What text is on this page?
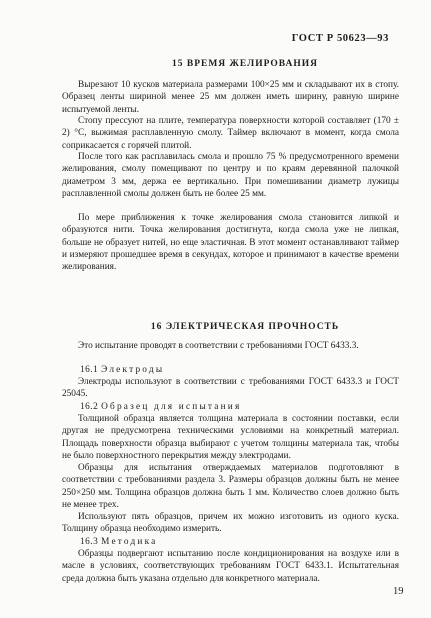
ГОСТ Р 50623—93
15 ВРЕМЯ ЖЕЛИРОВАНИЯ

Вырезают 10 кусков материала размерами 100×25 мм и складывают их в стопу. Образец ленты шириной менее 25 мм должен иметь ширину, равную ширине испытуемой ленты.

Стопу прессуют на плите, температура поверхности которой составляет (170 ± 2) °С, выжимая расплавленную смолу. Таймер включают в момент, когда смола соприкасается с горячей плитой.

После того как расплавилась смола и прошло 75 % предусмотренного времени желирования, смолу помещивают по центру и по краям деревянной палочкой диаметром 3 мм, держа ее вертикально. При помешивании диаметр лужицы расплавленной смолы должен быть не более 25 мм.

По мере приближения к точке желирования смола становится липкой и образуются нити. Точка желирования достигнута, когда смола уже не липкая, больше не образует нитей, но еще эластичная. В этот момент останавливают таймер и измеряют прошедшее время в секундах, которое и принимают в качестве времени желирования.

16 ЭЛЕКТРИЧЕСКАЯ ПРОЧНОСТЬ

Это испытание проводят в соответствии с требованиями ГОСТ 6433.3.

16.1 Электроды

Электроды используют в соответствии с требованиями ГОСТ 6433.3 и ГОСТ 25045.

16.2 Образец для испытания

Толщиной образца является толщина материала в состоянии поставки, если другая не предусмотрена техническими условиями на конкретный материал. Площадь поверхности образца выбирают с учетом толщины материала так, чтобы не было поверхностного перекрытия между электродами.

Образцы для испытания отверждаемых материалов подготовляют в соответствии с требованиями раздела 3. Размеры образцов должны быть не менее 250×250 мм. Толщина образцов должна быть 1 мм. Количество слоев должно быть не менее трех.

Используют пять образцов, причем их можно изготовить из одного куска. Толщину образца необходимо измерить.

16.3 Методика

Образцы подвергают испытанию после кондиционирования на воздухе или в масле в условиях, соответствующих требованиям ГОСТ 6433.1. Испытательная среда должна быть указана отдельно для конкретного материала.

19
